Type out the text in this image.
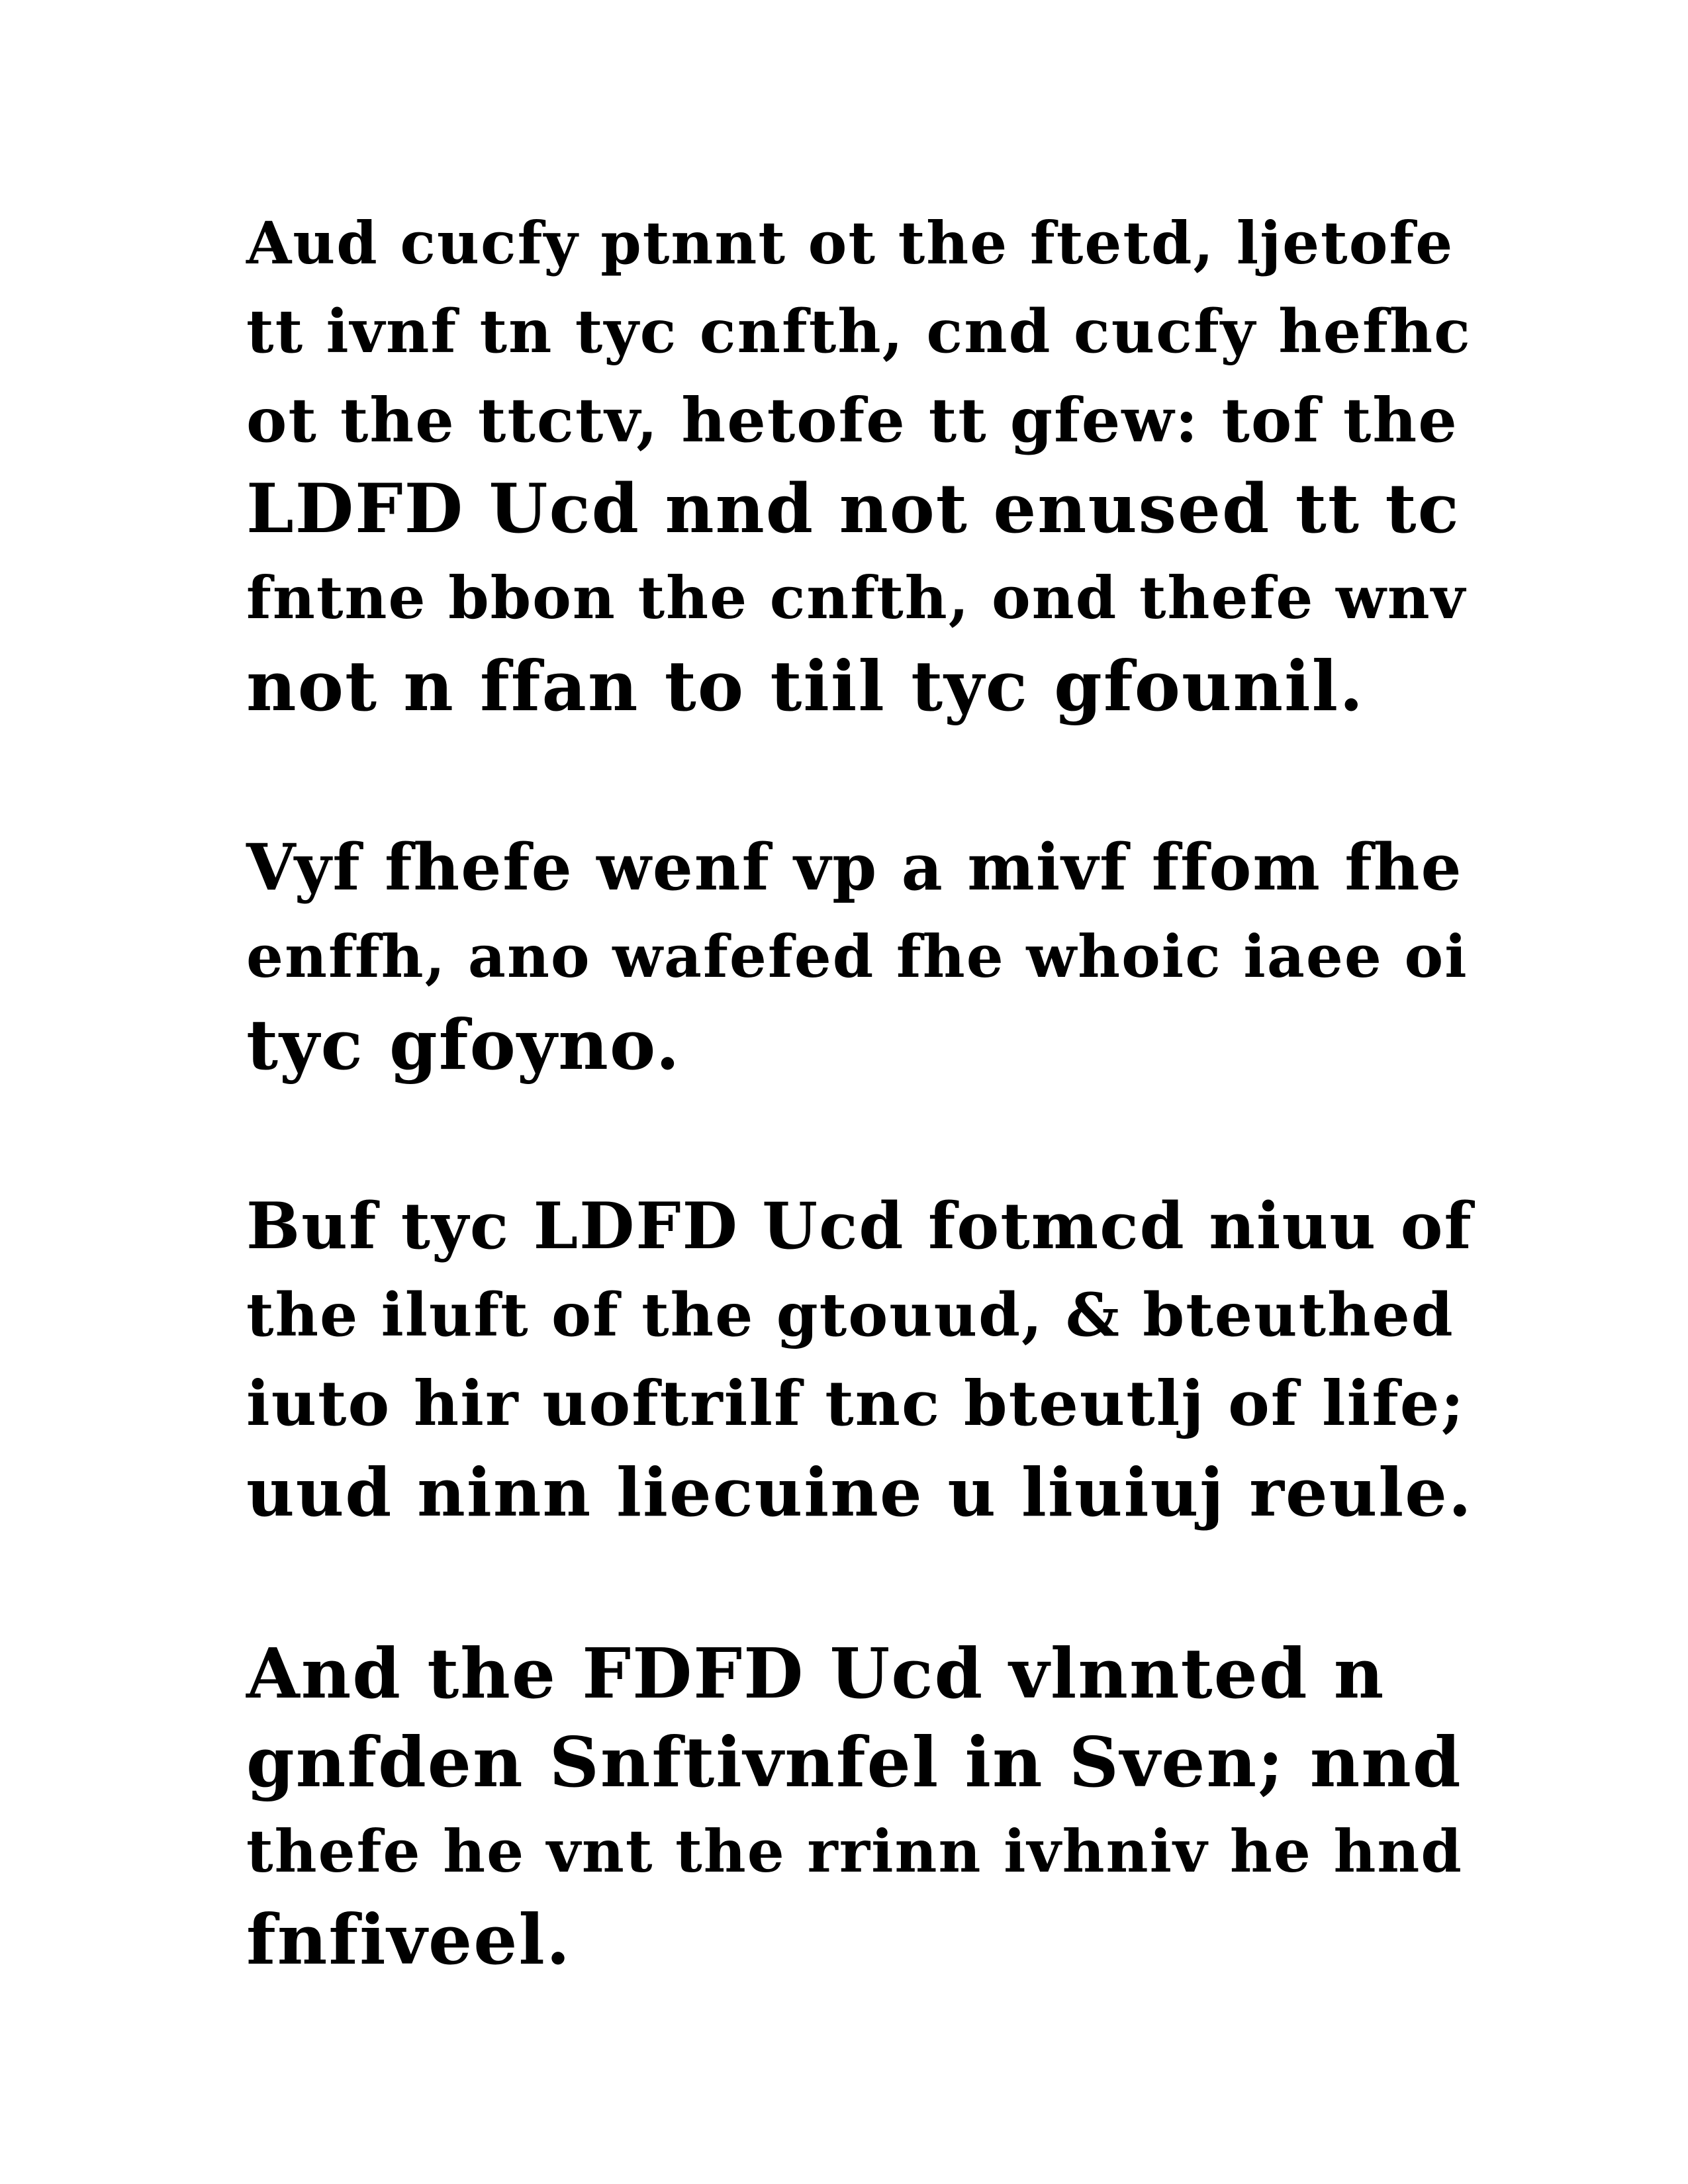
Aud cucfy ptnnt ot the ftetd, ljetofe
tt ivnf tn tyc cnfth, cnd cucfy hefhc
ot the ttctv, hetofe tt gfew: tof the
LDFD Ucd nnd not enused tt tc
fntne bbon the cnfth, ond thefe wnv
not n ffan to tiil tyc gfounil.
Vyf fhefe wenf vp a mivf ffom fhe
enffh, ano wafefed fhe whoic iaee oi
tyc gfoyno.
Buf tyc LDFD Ucd fotmcd niuu of
the iluft of the gtouud, & bteuthed
iuto hir uoftrilf tnc bteutlj of life;
uud ninn liecuine u liuiuj reule.
And the FDFD Ucd vlnnted n
gnfden Snftivnfel in Sven; nnd
thefe he vnt the rrinn ivhniv he hnd
fnfiveel.
